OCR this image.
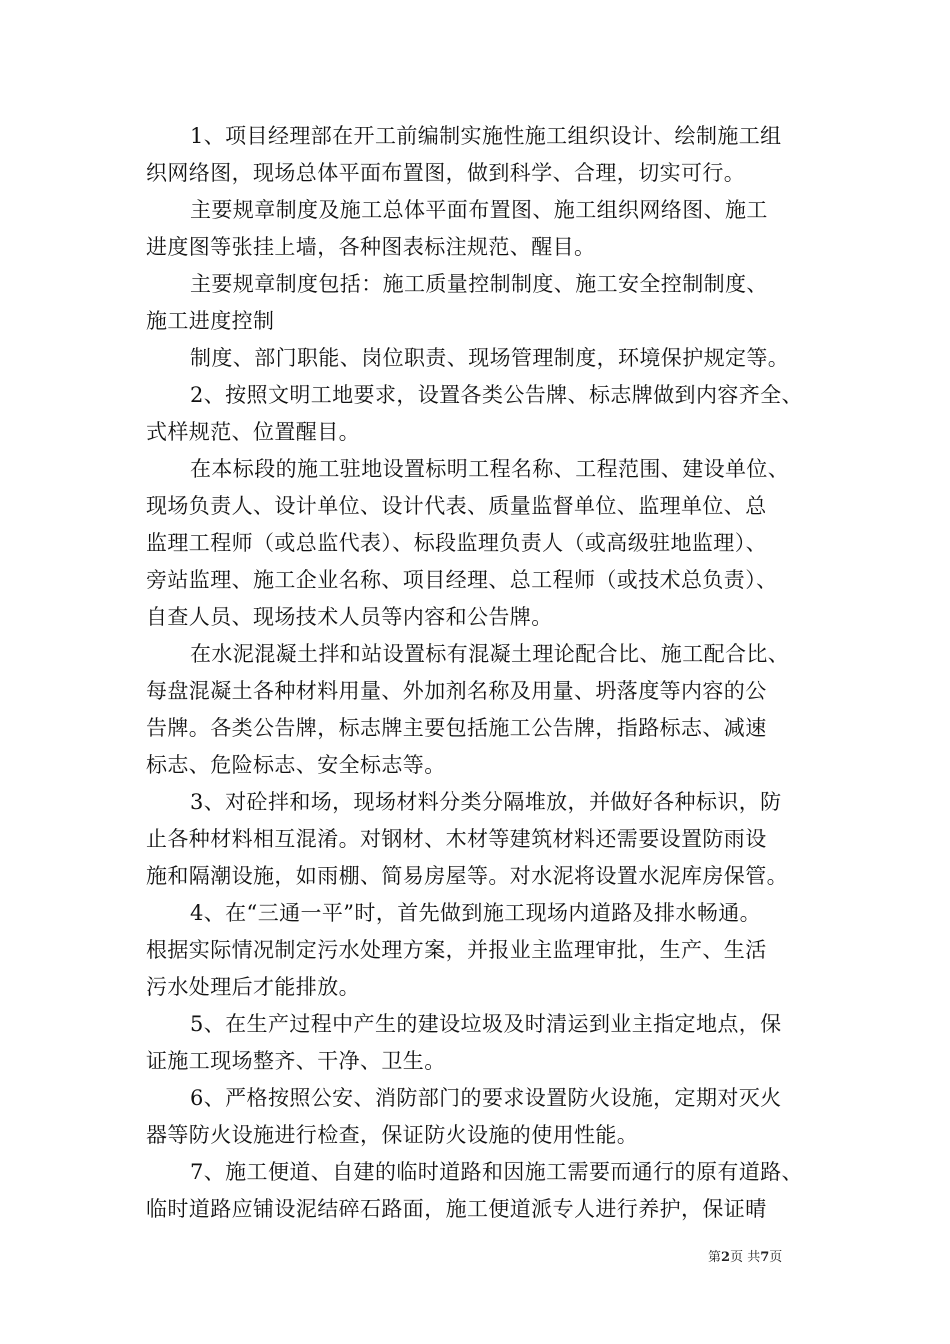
1、项目经理部在开工前编制实施性施工组织设计、绘制施工组
织网络图，现场总体平面布置图，做到科学、合理，切实可行。
主要规章制度及施工总体平面布置图、施工组织网络图、施工
进度图等张挂上墙，各种图表标注规范、醒目。
主要规章制度包括：施工质量控制制度、施工安全控制制度、
施工进度控制
制度、部门职能、岗位职责、现场管理制度，环境保护规定等。
2、按照文明工地要求，设置各类公告牌、标志牌做到内容齐全、
式样规范、位置醒目。
在本标段的施工驻地设置标明工程名称、工程范围、建设单位、
现场负责人、设计单位、设计代表、质量监督单位、监理单位、总
监理工程师（或总监代表）、标段监理负责人（或高级驻地监理）、
旁站监理、施工企业名称、项目经理、总工程师（或技术总负责）、
自查人员、现场技术人员等内容和公告牌。
在水泥混凝土拌和站设置标有混凝土理论配合比、施工配合比、
每盘混凝土各种材料用量、外加剂名称及用量、坍落度等内容的公
告牌。各类公告牌，标志牌主要包括施工公告牌，指路标志、减速
标志、危险标志、安全标志等。
3、对砼拌和场，现场材料分类分隔堆放，并做好各种标识，防
止各种材料相互混淆。对钢材、木材等建筑材料还需要设置防雨设
施和隔潮设施，如雨棚、简易房屋等。对水泥将设置水泥库房保管。
4、在“三通一平”时，首先做到施工现场内道路及排水畅通。
根据实际情况制定污水处理方案，并报业主监理审批，生产、生活
污水处理后才能排放。
5、在生产过程中产生的建设垃圾及时清运到业主指定地点，保
证施工现场整齐、干净、卫生。
6、严格按照公安、消防部门的要求设置防火设施，定期对灭火
器等防火设施进行检查，保证防火设施的使用性能。
7、施工便道、自建的临时道路和因施工需要而通行的原有道路、
临时道路应铺设泥结碎石路面，施工便道派专人进行养护，保证晴
第2页 共7页
